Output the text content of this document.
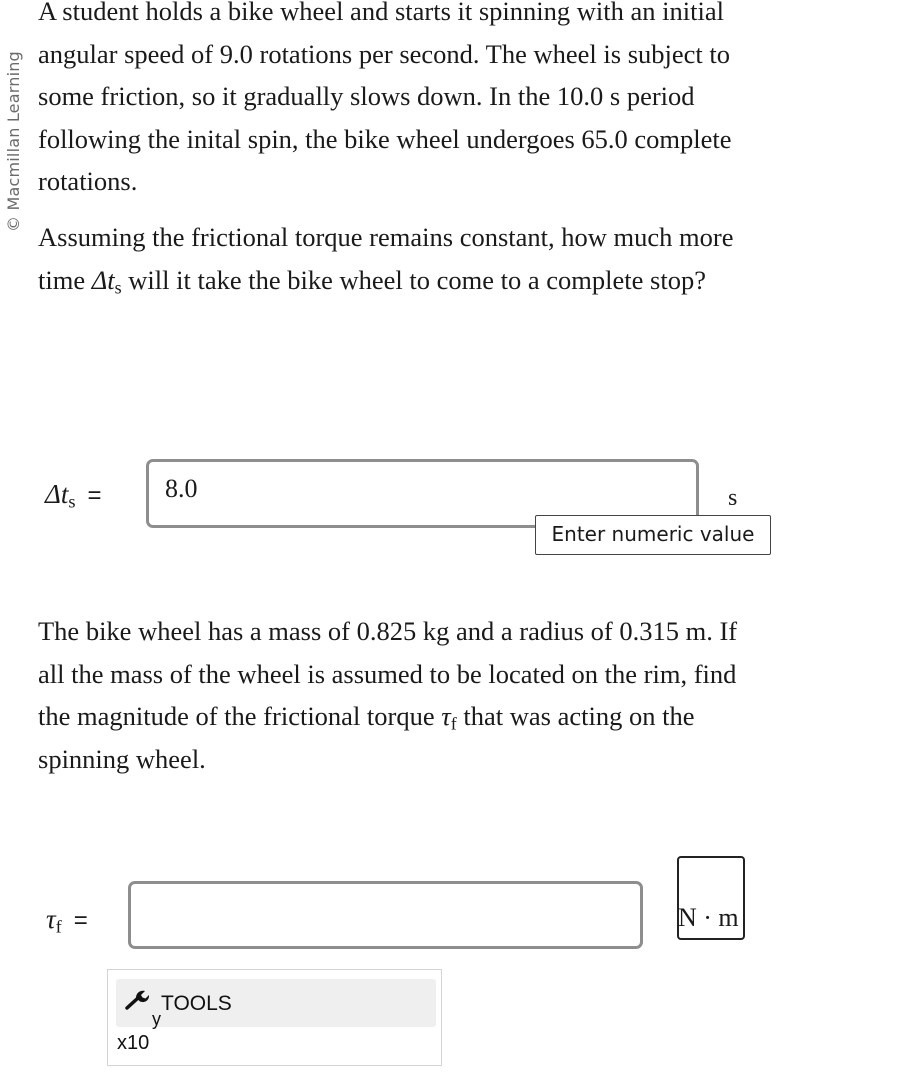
© Macmillan Learning

A student holds a bike wheel and starts it spinning with an initial angular speed of 9.0 rotations per second. The wheel is subject to some friction, so it gradually slows down. In the 10.0 s period following the inital spin, the bike wheel undergoes 65.0 complete rotations.

Assuming the frictional torque remains constant, how much more time $\Delta t_s$ will it take the bike wheel to come to a complete stop?

$\Delta t_s$ =
8.0	s
Enter numeric value

The bike wheel has a mass of 0.825 kg and a radius of 0.315 m. If all the mass of the wheel is assumed to be located on the rim, find the magnitude of the frictional torque $\tau_f$ that was acting on the spinning wheel.

$\tau_f$ =	N · m
y
TOOLS
x10
